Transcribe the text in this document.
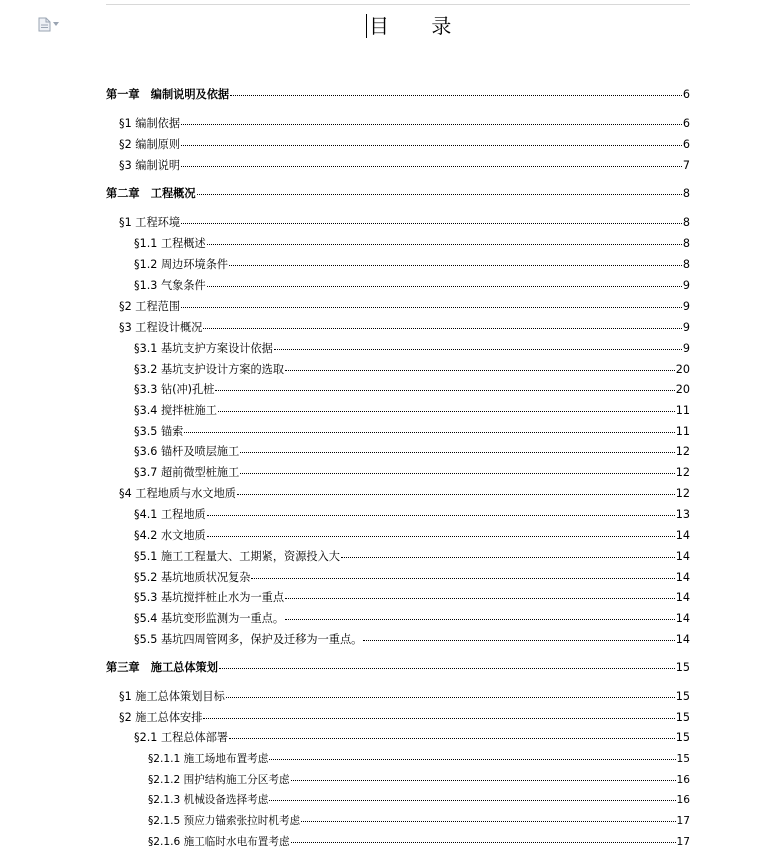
目 录
第一章　编制说明及依据	6
§1 编制依据	6
§2 编制原则	6
§3 编制说明	7
第二章　工程概况	8
§1 工程环境	8
§1.1 工程概述	8
§1.2 周边环境条件	8
§1.3 气象条件	9
§2 工程范围	9
§3 工程设计概况	9
§3.1 基坑支护方案设计依据	9
§3.2 基坑支护设计方案的选取	20
§3.3 钻(冲)孔桩	20
§3.4 搅拌桩施工	11
§3.5 锚索	11
§3.6 锚杆及喷层施工	12
§3.7 超前微型桩施工	12
§4 工程地质与水文地质	12
§4.1 工程地质	13
§4.2 水文地质	14
§5.1 施工工程量大、工期紧，资源投入大	14
§5.2 基坑地质状况复杂	14
§5.3 基坑搅拌桩止水为一重点	14
§5.4 基坑变形监测为一重点。	14
§5.5 基坑四周管网多，保护及迁移为一重点。	14
第三章　施工总体策划	15
§1 施工总体策划目标	15
§2 施工总体安排	15
§2.1 工程总体部署	15
§2.1.1 施工场地布置考虑	15
§2.1.2 围护结构施工分区考虑	16
§2.1.3 机械设备选择考虑	16
§2.1.5 预应力锚索张拉时机考虑	17
§2.1.6 施工临时水电布置考虑	17
